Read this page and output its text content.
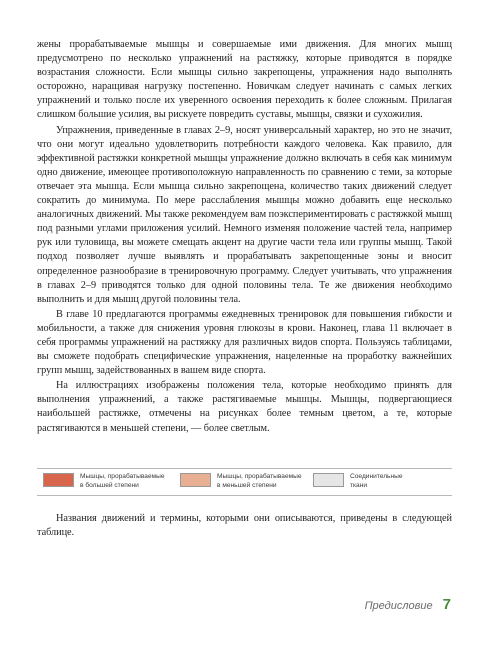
жены прорабатываемые мышцы и совершаемые ими движения. Для многих мышц предусмотрено по несколько упражнений на растяжку, которые приводятся в порядке возрастания сложности. Если мышцы сильно закрепощены, упражнения надо выполнять осторожно, наращивая нагрузку постепенно. Новичкам следует начинать с самых легких упражнений и только после их уверенного освоения переходить к более сложным. Прилагая слишком большие усилия, вы рискуете повредить суставы, мышцы, связки и сухожилия.

Упражнения, приведенные в главах 2–9, носят универсальный характер, но это не значит, что они могут идеально удовлетворить потребности каждого человека. Как правило, для эффективной растяжки конкретной мышцы упражнение должно включать в себя как минимум одно движение, имеющее противоположную направленность по сравнению с теми, за которые отвечает эта мышца. Если мышца сильно закрепощена, количество таких движений следует сократить до минимума. По мере расслабления мышцы можно добавить еще несколько аналогичных движений. Мы также рекомендуем вам поэкспериментировать с растяжкой мышц под разными углами приложения усилий. Немного изменяя положение частей тела, например рук или туловища, вы можете смещать акцент на другие части тела или группы мышц. Такой подход позволяет лучше выявлять и прорабатывать закрепощенные зоны и вносит определенное разнообразие в тренировочную программу. Следует учитывать, что упражнения в главах 2–9 приводятся только для одной половины тела. Те же движения необходимо выполнить и для мышц другой половины тела.

В главе 10 предлагаются программы ежедневных тренировок для повышения гибкости и мобильности, а также для снижения уровня глюкозы в крови. Наконец, глава 11 включает в себя программы упражнений на растяжку для различных видов спорта. Пользуясь таблицами, вы сможете подобрать специфические упражнения, нацеленные на проработку важнейших групп мышц, задействованных в вашем виде спорта.

На иллюстрациях изображены положения тела, которые необходимо принять для выполнения упражнений, а также растягиваемые мышцы. Мышцы, подвергающиеся наибольшей растяжке, отмечены на рисунках более темным цветом, а те, которые растягиваются в меньшей степени, — более светлым.

Мышцы, прорабатываемые
в большей степени
Мышцы, прорабатываемые
в меньшей степени
Соединительные
ткани

Названия движений и термины, которыми они описываются, приведены в следующей таблице.

Предисловие 7
